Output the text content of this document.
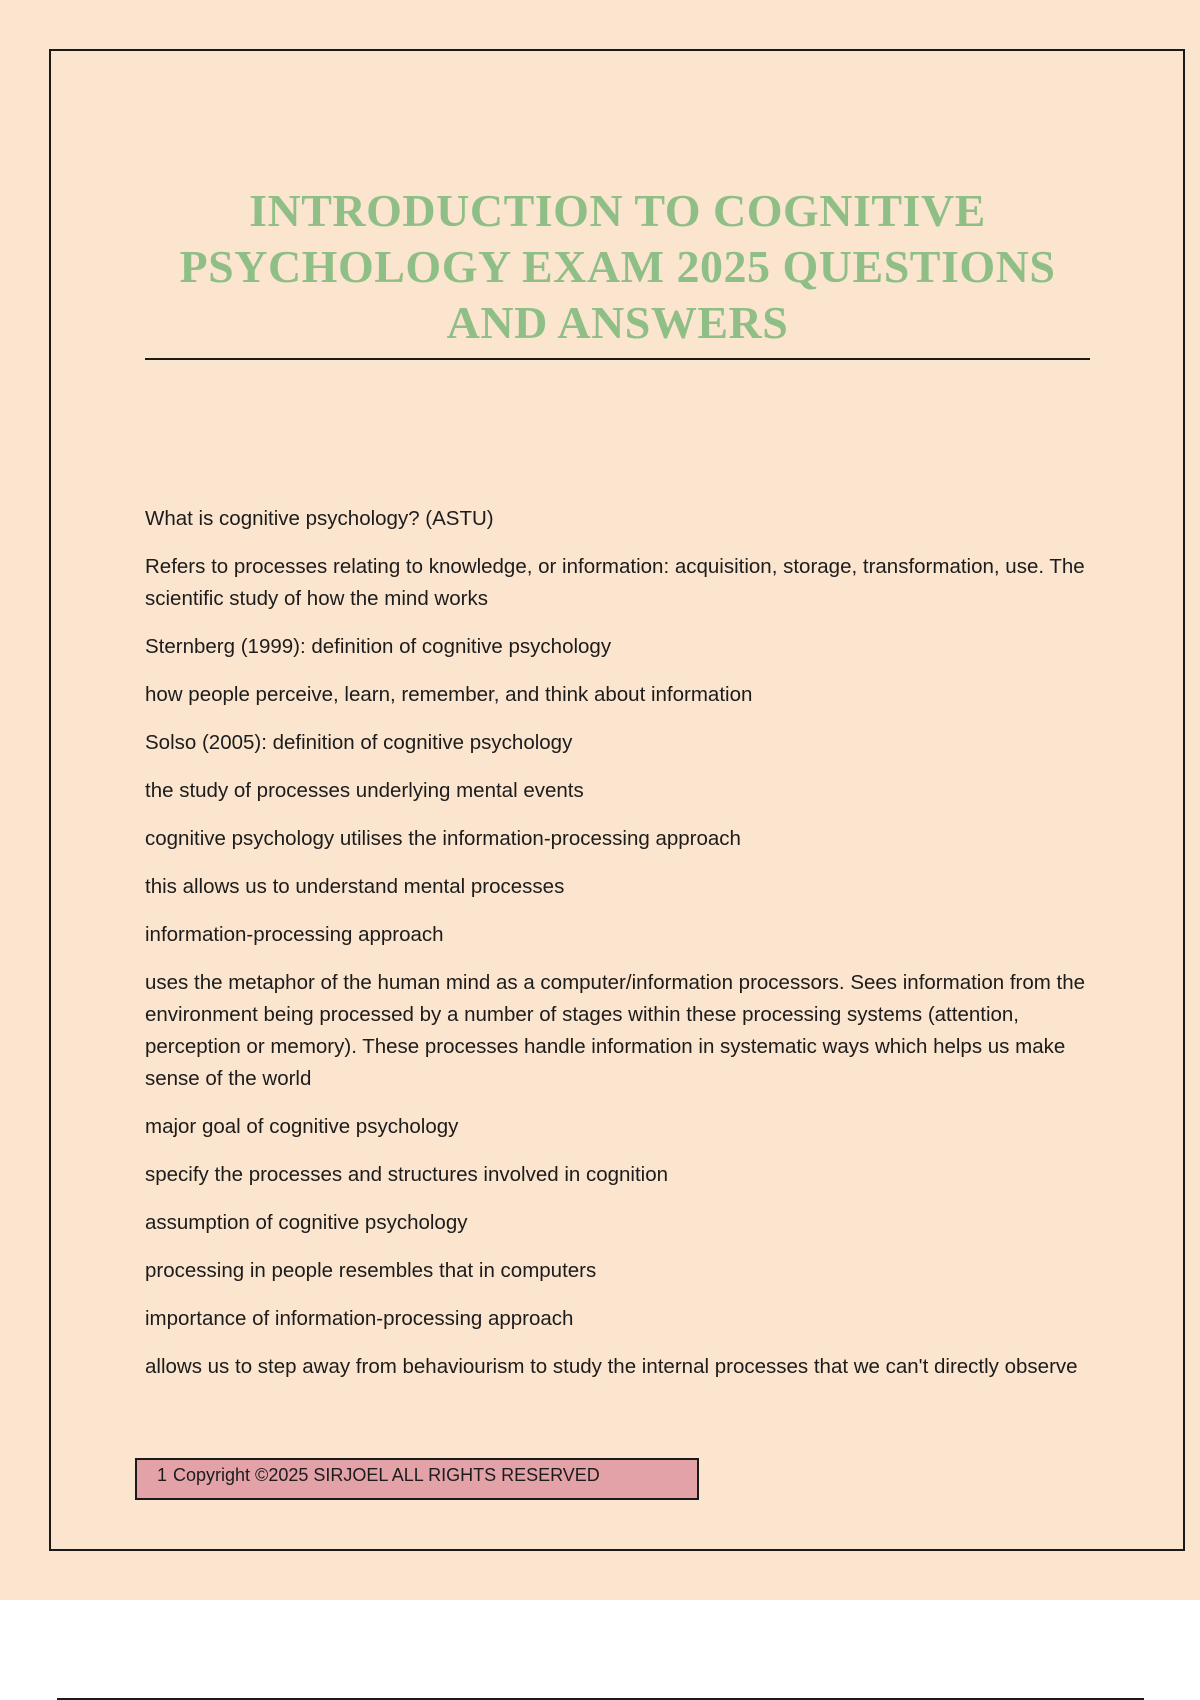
INTRODUCTION TO COGNITIVE PSYCHOLOGY EXAM 2025 QUESTIONS AND ANSWERS

What is cognitive psychology? (ASTU)

Refers to processes relating to knowledge, or information: acquisition, storage, transformation, use. The scientific study of how the mind works

Sternberg (1999): definition of cognitive psychology

how people perceive, learn, remember, and think about information

Solso (2005): definition of cognitive psychology

the study of processes underlying mental events

cognitive psychology utilises the information-processing approach

this allows us to understand mental processes

information-processing approach

uses the metaphor of the human mind as a computer/information processors. Sees information from the environment being processed by a number of stages within these processing systems (attention, perception or memory). These processes handle information in systematic ways which helps us make sense of the world

major goal of cognitive psychology

specify the processes and structures involved in cognition

assumption of cognitive psychology

processing in people resembles that in computers

importance of information-processing approach

allows us to step away from behaviourism to study the internal processes that we can't directly observe

1 Copyright ©2025 SIRJOEL ALL RIGHTS RESERVED
